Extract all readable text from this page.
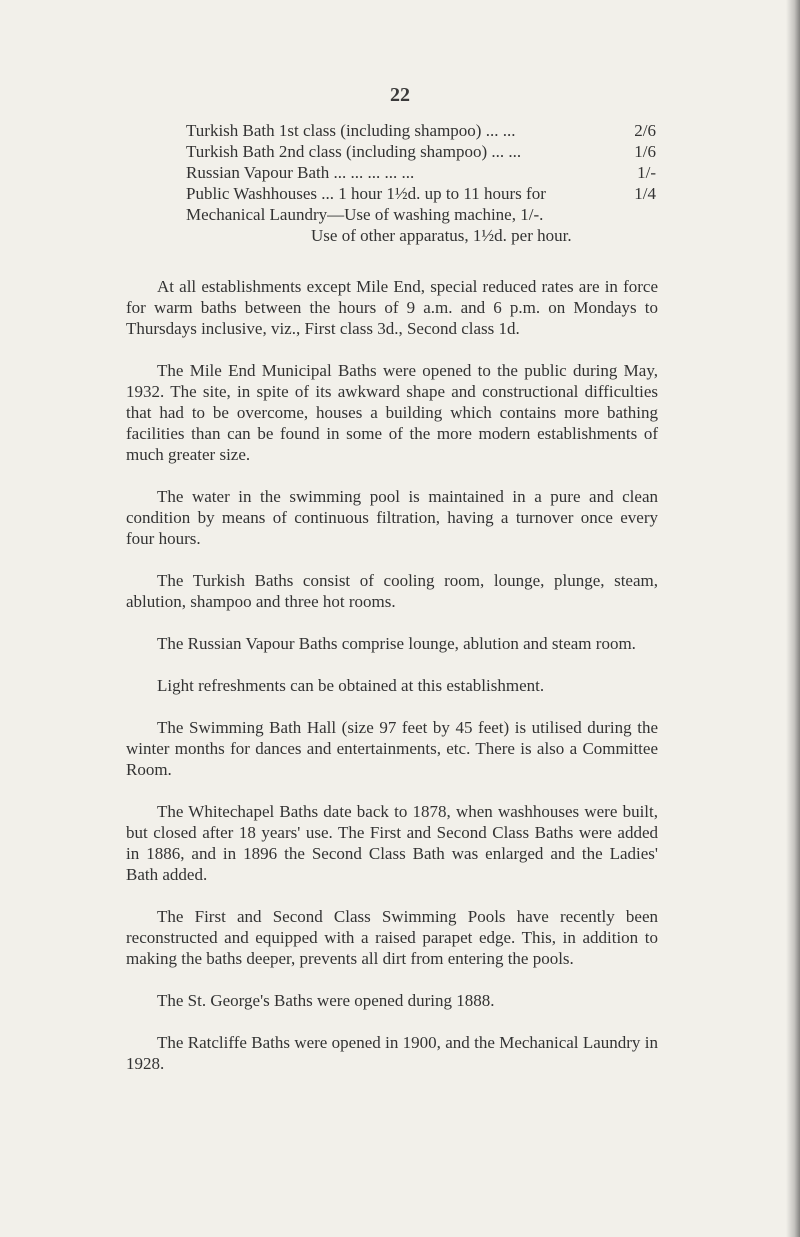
22
Turkish Bath 1st class (including shampoo) ... ...	2/6
Turkish Bath 2nd class (including shampoo) ... ...	1/6
Russian Vapour Bath ... ... ... ... ...	1/-
Public Washhouses ... 1 hour 1½d. up to 11 hours for	1/4
Mechanical Laundry—Use of washing machine, 1/-.
Use of other apparatus, 1½d. per hour.

At all establishments except Mile End, special reduced rates are in force for warm baths between the hours of 9 a.m. and 6 p.m. on Mondays to Thursdays inclusive, viz., First class 3d., Second class 1d.

The Mile End Municipal Baths were opened to the public during May, 1932. The site, in spite of its awkward shape and constructional difficulties that had to be overcome, houses a building which contains more bathing facilities than can be found in some of the more modern establishments of much greater size.

The water in the swimming pool is maintained in a pure and clean condition by means of continuous filtration, having a turnover once every four hours.

The Turkish Baths consist of cooling room, lounge, plunge, steam, ablution, shampoo and three hot rooms.

The Russian Vapour Baths comprise lounge, ablution and steam room.

Light refreshments can be obtained at this establishment.

The Swimming Bath Hall (size 97 feet by 45 feet) is utilised during the winter months for dances and entertainments, etc. There is also a Committee Room.

The Whitechapel Baths date back to 1878, when washhouses were built, but closed after 18 years' use. The First and Second Class Baths were added in 1886, and in 1896 the Second Class Bath was enlarged and the Ladies' Bath added.

The First and Second Class Swimming Pools have recently been reconstructed and equipped with a raised parapet edge. This, in addition to making the baths deeper, prevents all dirt from entering the pools.

The St. George's Baths were opened during 1888.

The Ratcliffe Baths were opened in 1900, and the Mechanical Laundry in 1928.
